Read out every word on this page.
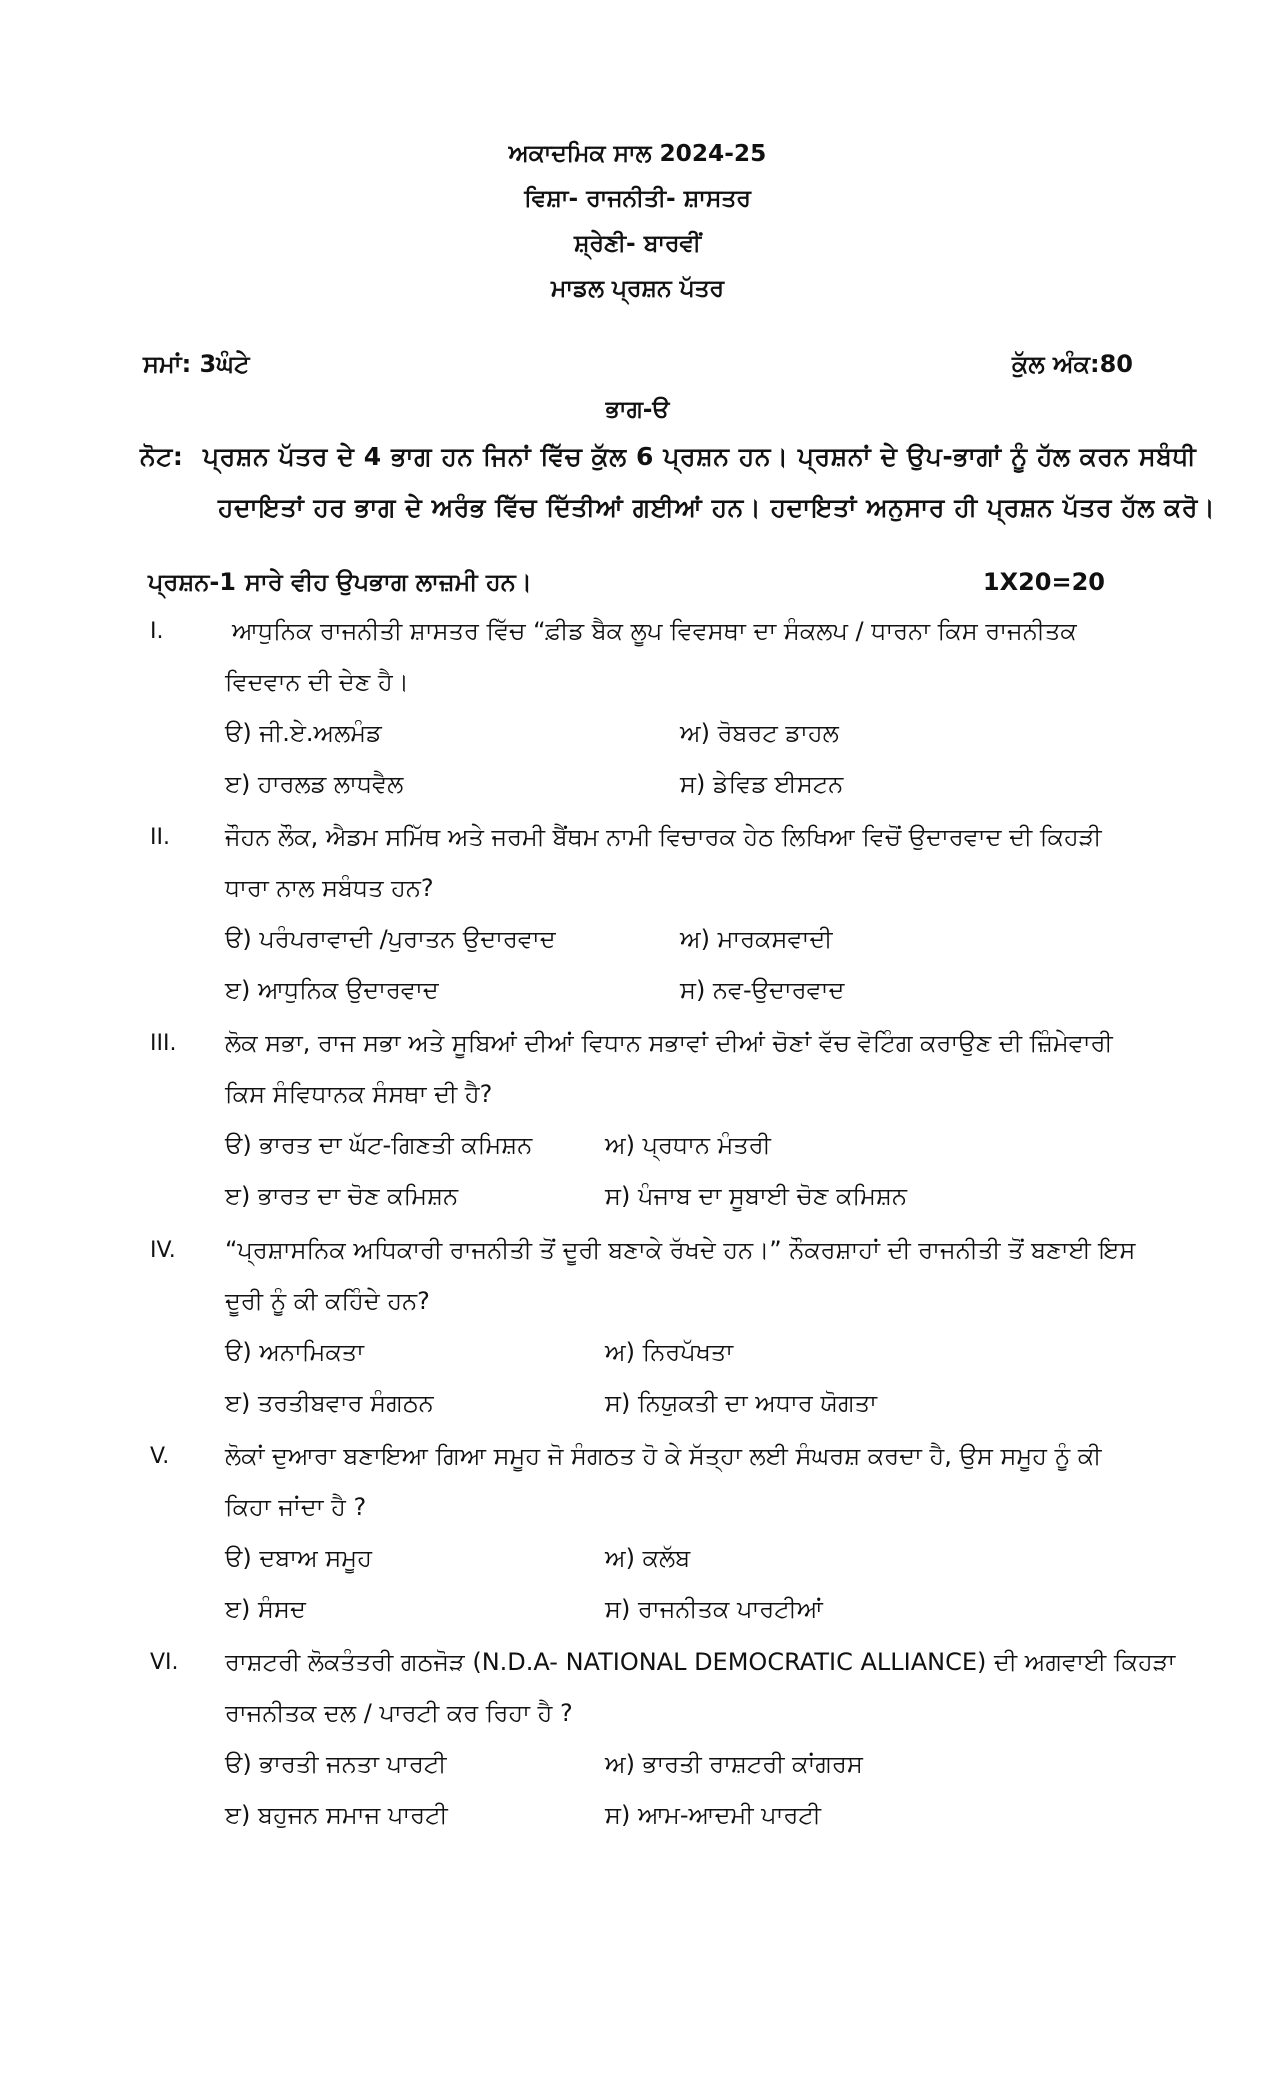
ਅਕਾਦਮਿਕ ਸਾਲ 2024-25
ਵਿਸ਼ਾ- ਰਾਜਨੀਤੀ- ਸ਼ਾਸਤਰ
ਸ਼੍ਰੇਣੀ- ਬਾਰਵੀਂ
ਮਾਡਲ ਪ੍ਰਸ਼ਨ ਪੱਤਰ
ਸਮਾਂ: 3ਘੰਟੇ	ਕੁੱਲ ਅੰਕ:80
ਭਾਗ-ੳ
ਨੋਟ: ਪ੍ਰਸ਼ਨ ਪੱਤਰ ਦੇ 4 ਭਾਗ ਹਨ ਜਿਨਾਂ ਵਿੱਚ ਕੁੱਲ 6 ਪ੍ਰਸ਼ਨ ਹਨ। ਪ੍ਰਸ਼ਨਾਂ ਦੇ ਉਪ-ਭਾਗਾਂ ਨੂੰ ਹੱਲ ਕਰਨ ਸਬੰਧੀ
ਹਦਾਇਤਾਂ ਹਰ ਭਾਗ ਦੇ ਅਰੰਭ ਵਿੱਚ ਦਿੱਤੀਆਂ ਗਈਆਂ ਹਨ। ਹਦਾਇਤਾਂ ਅਨੁਸਾਰ ਹੀ ਪ੍ਰਸ਼ਨ ਪੱਤਰ ਹੱਲ ਕਰੋ।
ਪ੍ਰਸ਼ਨ-1 ਸਾਰੇ ਵੀਹ ਉਪਭਾਗ ਲਾਜ਼ਮੀ ਹਨ।	1X20=20
I.	ਆਧੁਨਿਕ ਰਾਜਨੀਤੀ ਸ਼ਾਸਤਰ ਵਿੱਚ “ਫ਼ੀਡ ਬੈਕ ਲੂਪ ਵਿਵਸਥਾ ਦਾ ਸੰਕਲਪ / ਧਾਰਨਾ ਕਿਸ ਰਾਜਨੀਤਕ
ਵਿਦਵਾਨ ਦੀ ਦੇਣ ਹੈ।
ੳ) ਜੀ.ਏ.ਅਲਮੰਡ	ਅ) ਰੋਬਰਟ ਡਾਹਲ
ੲ) ਹਾਰਲਡ ਲਾਧਵੈਲ	ਸ) ਡੇਵਿਡ ਈਸਟਨ
II. ਜੌਹਨ ਲੌਕ, ਐਡਮ ਸਮਿੱਥ ਅਤੇ ਜਰਮੀ ਬੈਂਥਮ ਨਾਮੀ ਵਿਚਾਰਕ ਹੇਠ ਲਿਖਿਆ ਵਿਚੋਂ ਉਦਾਰਵਾਦ ਦੀ ਕਿਹੜੀ
ਧਾਰਾ ਨਾਲ ਸਬੰਧਤ ਹਨ?
ੳ) ਪਰੰਪਰਾਵਾਦੀ /ਪੁਰਾਤਨ ਉਦਾਰਵਾਦ	ਅ) ਮਾਰਕਸਵਾਦੀ
ੲ) ਆਧੁਨਿਕ ਉਦਾਰਵਾਦ	ਸ) ਨਵ-ਉਦਾਰਵਾਦ
III. ਲੋਕ ਸਭਾ, ਰਾਜ ਸਭਾ ਅਤੇ ਸੂਬਿਆਂ ਦੀਆਂ ਵਿਧਾਨ ਸਭਾਵਾਂ ਦੀਆਂ ਚੋਣਾਂ ਵੱਚ ਵੋਟਿੰਗ ਕਰਾਉਣ ਦੀ ਜ਼ਿੰਮੇਵਾਰੀ
ਕਿਸ ਸੰਵਿਧਾਨਕ ਸੰਸਥਾ ਦੀ ਹੈ?
ੳ) ਭਾਰਤ ਦਾ ਘੱਟ-ਗਿਣਤੀ ਕਮਿਸ਼ਨ	ਅ) ਪ੍ਰਧਾਨ ਮੰਤਰੀ
ੲ) ਭਾਰਤ ਦਾ ਚੋਣ ਕਮਿਸ਼ਨ	ਸ) ਪੰਜਾਬ ਦਾ ਸੂਬਾਈ ਚੋਣ ਕਮਿਸ਼ਨ
IV. “ਪ੍ਰਸ਼ਾਸਨਿਕ ਅਧਿਕਾਰੀ ਰਾਜਨੀਤੀ ਤੋਂ ਦੂਰੀ ਬਣਾਕੇ ਰੱਖਦੇ ਹਨ।” ਨੌਕਰਸ਼ਾਹਾਂ ਦੀ ਰਾਜਨੀਤੀ ਤੋਂ ਬਣਾਈ ਇਸ
ਦੂਰੀ ਨੂੰ ਕੀ ਕਹਿੰਦੇ ਹਨ?
ੳ) ਅਨਾਮਿਕਤਾ	ਅ) ਨਿਰਪੱਖਤਾ
ੲ) ਤਰਤੀਬਵਾਰ ਸੰਗਠਨ	ਸ) ਨਿਯੁਕਤੀ ਦਾ ਅਧਾਰ ਯੋਗਤਾ
V. ਲੋਕਾਂ ਦੁਆਰਾ ਬਣਾਇਆ ਗਿਆ ਸਮੂਹ ਜੋ ਸੰਗਠਤ ਹੋ ਕੇ ਸੱਤ੍ਹਾ ਲਈ ਸੰਘਰਸ਼ ਕਰਦਾ ਹੈ, ਉਸ ਸਮੂਹ ਨੂੰ ਕੀ
ਕਿਹਾ ਜਾਂਦਾ ਹੈ ?
ੳ) ਦਬਾਅ ਸਮੂਹ	ਅ) ਕਲੱਬ
ੲ) ਸੰਸਦ	ਸ) ਰਾਜਨੀਤਕ ਪਾਰਟੀਆਂ
VI. ਰਾਸ਼ਟਰੀ ਲੋਕਤੰਤਰੀ ਗਠਜੋੜ (N.D.A- NATIONAL DEMOCRATIC ALLIANCE) ਦੀ ਅਗਵਾਈ ਕਿਹੜਾ
ਰਾਜਨੀਤਕ ਦਲ / ਪਾਰਟੀ ਕਰ ਰਿਹਾ ਹੈ ?
ੳ) ਭਾਰਤੀ ਜਨਤਾ ਪਾਰਟੀ	ਅ) ਭਾਰਤੀ ਰਾਸ਼ਟਰੀ ਕਾਂਗਰਸ
ੲ) ਬਹੁਜਨ ਸਮਾਜ ਪਾਰਟੀ	ਸ) ਆਮ-ਆਦਮੀ ਪਾਰਟੀ
